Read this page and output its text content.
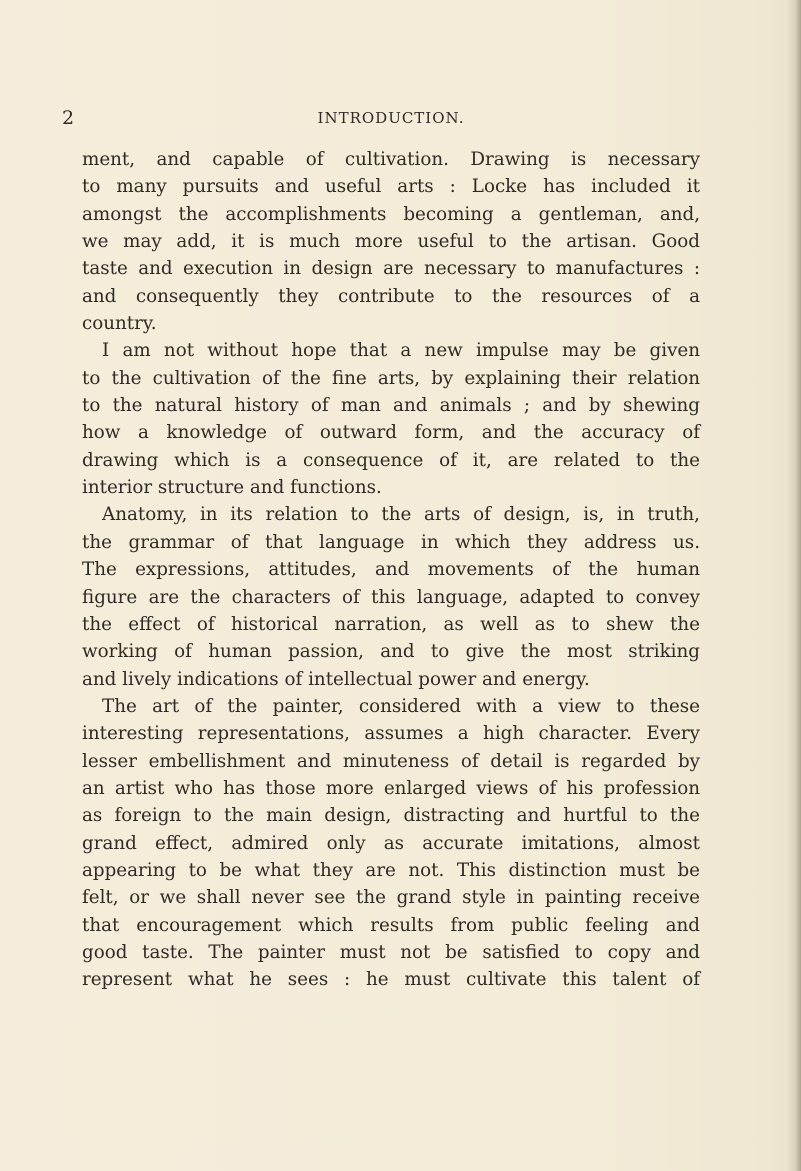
2	INTRODUCTION.
ment, and capable of cultivation. Drawing is necessary
to many pursuits and useful arts : Locke has included it
amongst the accomplishments becoming a gentleman, and,
we may add, it is much more useful to the artisan. Good
taste and execution in design are necessary to manufactures :
and consequently they contribute to the resources of a
country.
I am not without hope that a new impulse may be given
to the cultivation of the fine arts, by explaining their relation
to the natural history of man and animals ; and by shewing
how a knowledge of outward form, and the accuracy of
drawing which is a consequence of it, are related to the
interior structure and functions.
Anatomy, in its relation to the arts of design, is, in truth,
the grammar of that language in which they address us.
The expressions, attitudes, and movements of the human
figure are the characters of this language, adapted to convey
the effect of historical narration, as well as to shew the
working of human passion, and to give the most striking
and lively indications of intellectual power and energy.
The art of the painter, considered with a view to these
interesting representations, assumes a high character. Every
lesser embellishment and minuteness of detail is regarded by
an artist who has those more enlarged views of his profession
as foreign to the main design, distracting and hurtful to the
grand effect, admired only as accurate imitations, almost
appearing to be what they are not. This distinction must be
felt, or we shall never see the grand style in painting receive
that encouragement which results from public feeling and
good taste. The painter must not be satisfied to copy and
represent what he sees : he must cultivate this talent of
